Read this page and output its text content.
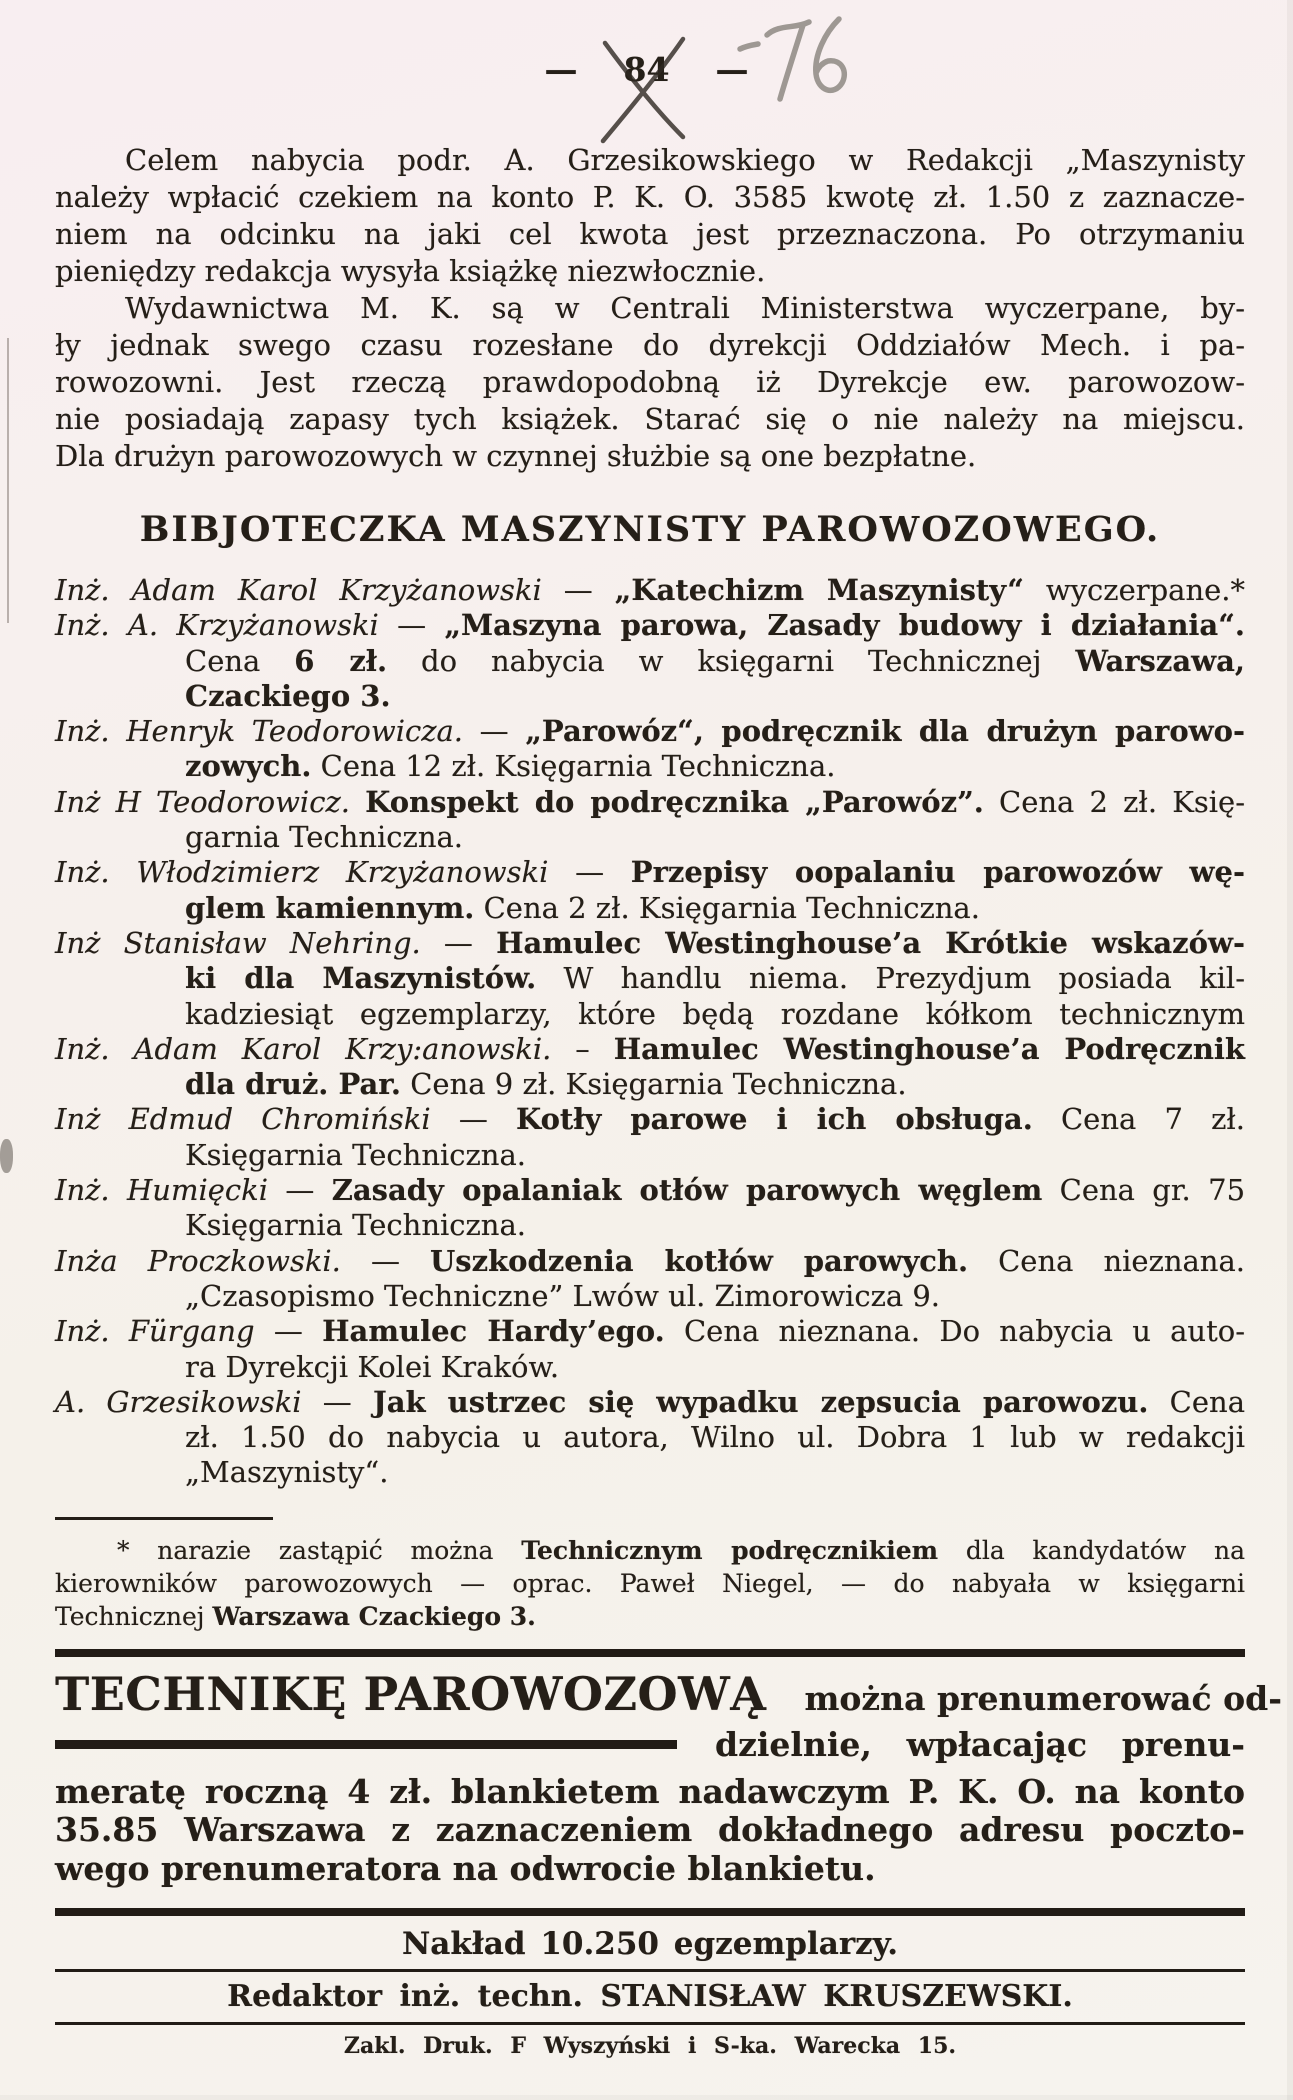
— 84 —
Celem nabycia podr. A. Grzesikowskiego w Redakcji „Maszynisty
należy wpłacić czekiem na konto P. K. O. 3585 kwotę zł. 1.50 z zaznacze-
niem na odcinku na jaki cel kwota jest przeznaczona. Po otrzymaniu
pieniędzy redakcja wysyła książkę niezwłocznie.
Wydawnictwa M. K. są w Centrali Ministerstwa wyczerpane, by-
ły jednak swego czasu rozesłane do dyrekcji Oddziałów Mech. i pa-
rowozowni. Jest rzeczą prawdopodobną iż Dyrekcje ew. parowozow-
nie posiadają zapasy tych książek. Starać się o nie należy na miejscu.
Dla drużyn parowozowych w czynnej służbie są one bezpłatne.
BIBJOTECZKA MASZYNISTY PAROWOZOWEGO.
Inż. Adam Karol Krzyżanowski — „Katechizm Maszynisty“ wyczerpane.*
Inż. A. Krzyżanowski — „Maszyna parowa, Zasady budowy i działania“.
Cena 6 zł. do nabycia w księgarni Technicznej Warszawa,
Czackiego 3.
Inż. Henryk Teodorowicza. — „Parowóz“, podręcznik dla drużyn parowo-
zowych. Cena 12 zł. Księgarnia Techniczna.
Inż H Teodorowicz. Konspekt do podręcznika „Parowóz”. Cena 2 zł. Księ-
garnia Techniczna.
Inż. Włodzimierz Krzyżanowski — Przepisy oopalaniu parowozów wę-
glem kamiennym. Cena 2 zł. Księgarnia Techniczna.
Inż Stanisław Nehring. — Hamulec Westinghouse’a Krótkie wskazów-
ki dla Maszynistów. W handlu niema. Prezydjum posiada kil-
kadziesiąt egzemplarzy, które będą rozdane kółkom technicznym
Inż. Adam Karol Krzy:anowski. – Hamulec Westinghouse’a Podręcznik
dla druż. Par. Cena 9 zł. Księgarnia Techniczna.
Inż Edmud Chromiński — Kotły parowe i ich obsługa. Cena 7 zł.
Księgarnia Techniczna.
Inż. Humięcki — Zasady opalaniak otłów parowych węglem Cena gr. 75
Księgarnia Techniczna.
Inża Proczkowski. — Uszkodzenia kotłów parowych. Cena nieznana.
„Czasopismo Techniczne” Lwów ul. Zimorowicza 9.
Inż. Fürgang — Hamulec Hardy’ego. Cena nieznana. Do nabycia u auto-
ra Dyrekcji Kolei Kraków.
A. Grzesikowski — Jak ustrzec się wypadku zepsucia parowozu. Cena
zł. 1.50 do nabycia u autora, Wilno ul. Dobra 1 lub w redakcji
„Maszynisty“.
* narazie zastąpić można Technicznym podręcznikiem dla kandydatów na
kierowników parowozowych — oprac. Paweł Niegel, — do nabyała w księgarni
Technicznej Warszawa Czackiego 3.
TECHNIKĘ PAROWOZOWĄ	można prenumerować od-
dzielnie, wpłacając prenu-
meratę roczną 4 zł. blankietem nadawczym P. K. O. na konto
35.85 Warszawa z zaznaczeniem dokładnego adresu poczto-
wego prenumeratora na odwrocie blankietu.
Nakład 10.250 egzemplarzy.
Redaktor inż. techn. STANISŁAW KRUSZEWSKI.
Zakl. Druk. F Wyszyński i S-ka. Warecka 15.
